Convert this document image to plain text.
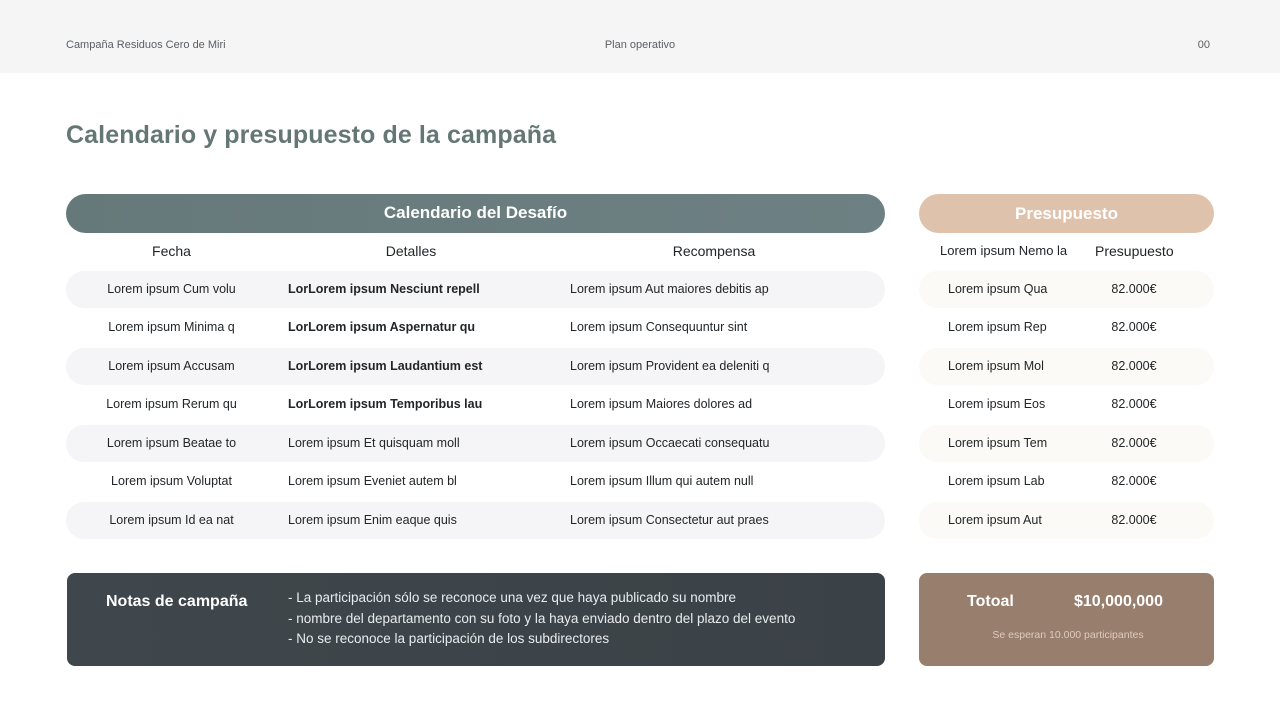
Campaña Residuos Cero de Miri	Plan operativo	00
Calendario y presupuesto de la campaña
Calendario del Desafío
Fecha	Detalles	Recompensa
Lorem ipsum Cum volu	LorLorem ipsum Nesciunt repell	Lorem ipsum Aut maiores debitis ap
Lorem ipsum Minima q	LorLorem ipsum Aspernatur qu	Lorem ipsum Consequuntur sint
Lorem ipsum Accusam	LorLorem ipsum Laudantium est	Lorem ipsum Provident ea deleniti q
Lorem ipsum Rerum qu	LorLorem ipsum Temporibus lau	Lorem ipsum Maiores dolores ad
Lorem ipsum Beatae to	Lorem ipsum Et quisquam moll	Lorem ipsum Occaecati consequatu
Lorem ipsum Voluptat	Lorem ipsum Eveniet autem bl	Lorem ipsum Illum qui autem null
Lorem ipsum Id ea nat	Lorem ipsum Enim eaque quis	Lorem ipsum Consectetur aut praes
Presupuesto
Lorem ipsum Nemo la Presupuesto
Lorem ipsum Qua	82.000€
Lorem ipsum Rep	82.000€
Lorem ipsum Mol	82.000€
Lorem ipsum Eos	82.000€
Lorem ipsum Tem	82.000€
Lorem ipsum Lab	82.000€
Lorem ipsum Aut	82.000€
Notas de campaña	- La participación sólo se reconoce una vez que haya publicado su nombre
- nombre del departamento con su foto y la haya enviado dentro del plazo del evento
- No se reconoce la participación de los subdirectores
Totoal	$10,000,000
Se esperan 10.000 participantes
